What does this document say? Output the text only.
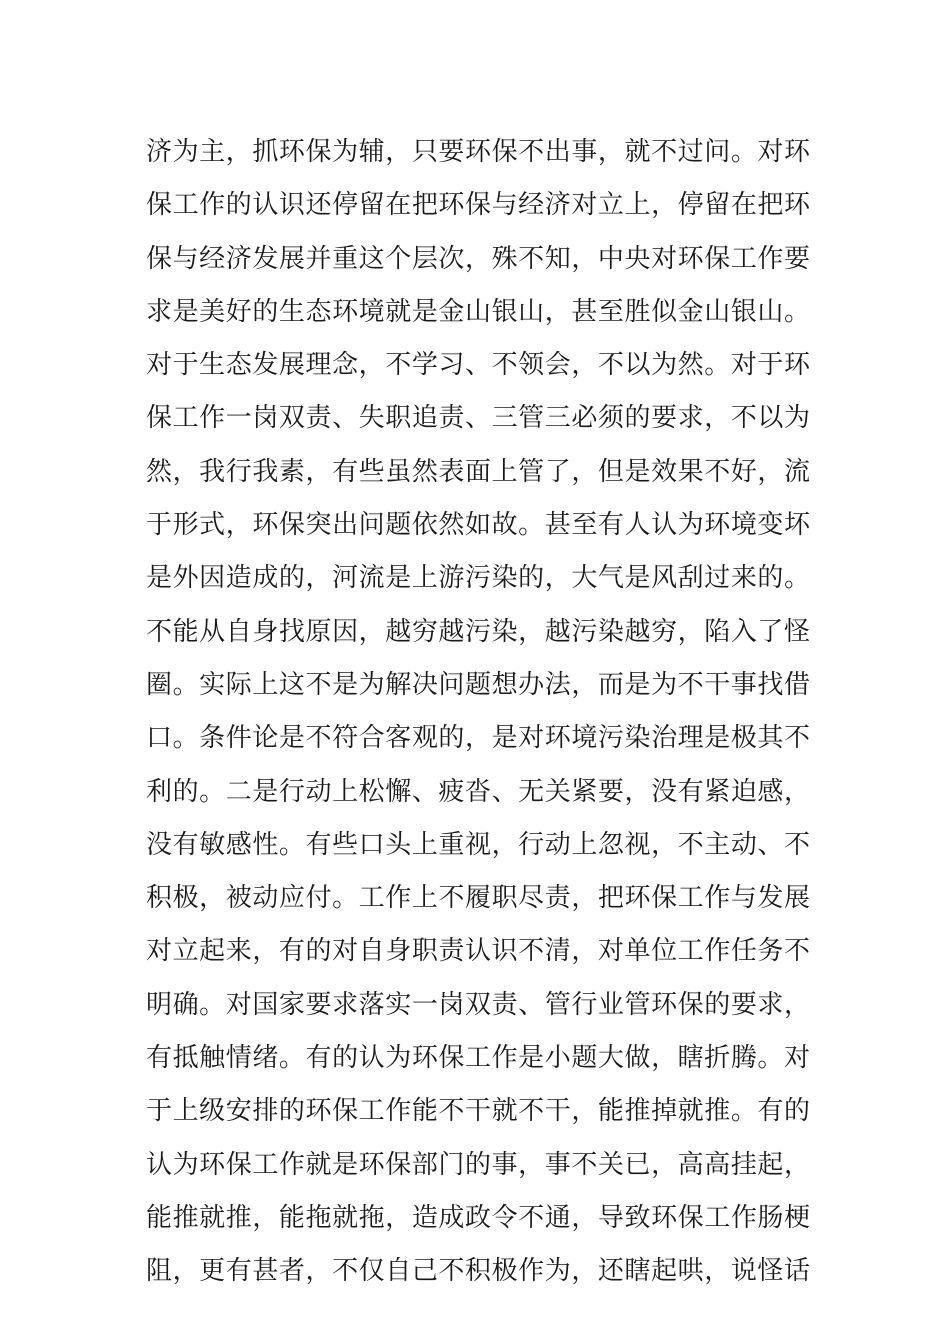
济为主，抓环保为辅，只要环保不出事，就不过问。对环
保工作的认识还停留在把环保与经济对立上，停留在把环
保与经济发展并重这个层次，殊不知，中央对环保工作要
求是美好的生态环境就是金山银山，甚至胜似金山银山。
对于生态发展理念，不学习、不领会，不以为然。对于环
保工作一岗双责、失职追责、三管三必须的要求，不以为
然，我行我素，有些虽然表面上管了，但是效果不好，流
于形式，环保突出问题依然如故。甚至有人认为环境变坏
是外因造成的，河流是上游污染的，大气是风刮过来的。
不能从自身找原因，越穷越污染，越污染越穷，陷入了怪
圈。实际上这不是为解决问题想办法，而是为不干事找借
口。条件论是不符合客观的，是对环境污染治理是极其不
利的。二是行动上松懈、疲沓、无关紧要，没有紧迫感，
没有敏感性。有些口头上重视，行动上忽视，不主动、不
积极，被动应付。工作上不履职尽责，把环保工作与发展
对立起来，有的对自身职责认识不清，对单位工作任务不
明确。对国家要求落实一岗双责、管行业管环保的要求，
有抵触情绪。有的认为环保工作是小题大做，瞎折腾。对
于上级安排的环保工作能不干就不干，能推掉就推。有的
认为环保工作就是环保部门的事，事不关已，高高挂起，
能推就推，能拖就拖，造成政令不通，导致环保工作肠梗
阻，更有甚者，不仅自己不积极作为，还瞎起哄，说怪话
